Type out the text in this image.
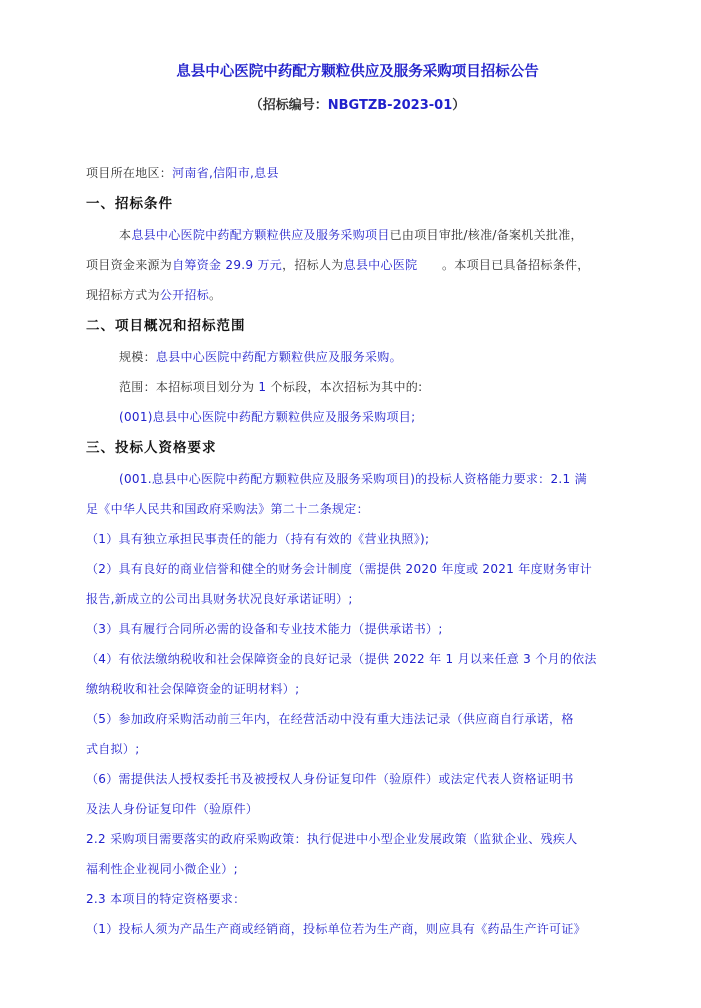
息县中心医院中药配方颗粒供应及服务采购项目招标公告
（招标编号：NBGTZB-2023-01）
项目所在地区：河南省,信阳市,息县
一、招标条件
本息县中心医院中药配方颗粒供应及服务采购项目已由项目审批/核准/备案机关批准，
项目资金来源为自筹资金 29.9 万元，招标人为息县中心医院　　。本项目已具备招标条件，
现招标方式为公开招标。
二、项目概况和招标范围
规模：息县中心医院中药配方颗粒供应及服务采购。
范围：本招标项目划分为 1 个标段，本次招标为其中的:
(001)息县中心医院中药配方颗粒供应及服务采购项目;
三、投标人资格要求
(001.息县中心医院中药配方颗粒供应及服务采购项目)的投标人资格能力要求：2.1 满
足《中华人民共和国政府采购法》第二十二条规定：
（1）具有独立承担民事责任的能力（持有有效的《营业执照》);
（2）具有良好的商业信誉和健全的财务会计制度（需提供 2020 年度或 2021 年度财务审计
报告,新成立的公司出具财务状况良好承诺证明）;
（3）具有履行合同所必需的设备和专业技术能力（提供承诺书）;
（4）有依法缴纳税收和社会保障资金的良好记录（提供 2022 年 1 月以来任意 3 个月的依法
缴纳税收和社会保障资金的证明材料）;
（5）参加政府采购活动前三年内，在经营活动中没有重大违法记录（供应商自行承诺，格
式自拟）;
（6）需提供法人授权委托书及被授权人身份证复印件（验原件）或法定代表人资格证明书
及法人身份证复印件（验原件）
2.2 采购项目需要落实的政府采购政策：执行促进中小型企业发展政策（监狱企业、残疾人
福利性企业视同小微企业）;
2.3 本项目的特定资格要求：
（1）投标人须为产品生产商或经销商，投标单位若为生产商，则应具有《药品生产许可证》
